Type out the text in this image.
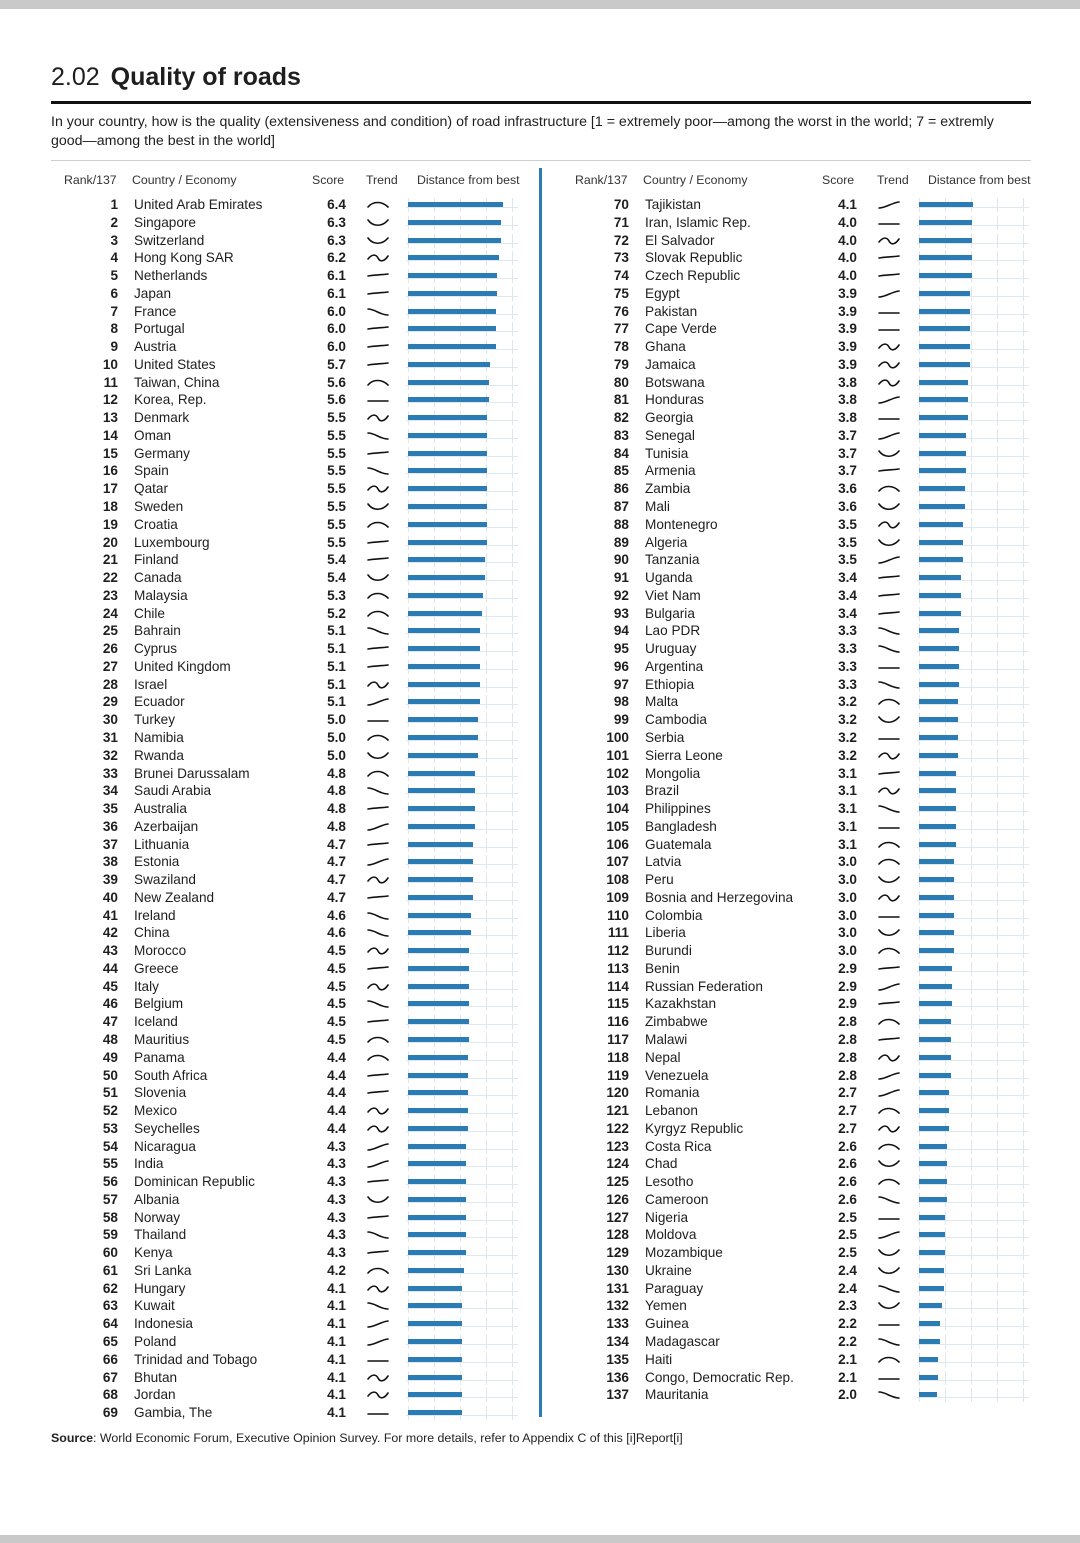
2.02 Quality of roads
In your country, how is the quality (extensiveness and condition) of road infrastructure [1 = extremely poor—among the worst in the world; 7 = extremly good—among the best in the world]
Rank/137 Country / Economy	Score Trend Distance from best	Rank/137 Country / Economy	Score Trend Distance from best
1 United Arab Emirates	6.4
2 Singapore	6.3
3 Switzerland	6.3
4 Hong Kong SAR	6.2
5 Netherlands	6.1
6 Japan	6.1
7 France	6.0
8 Portugal	6.0
9 Austria	6.0
10 United States	5.7
11 Taiwan, China	5.6
12 Korea, Rep.	5.6
13 Denmark	5.5
14 Oman	5.5
15 Germany	5.5
16 Spain	5.5
17 Qatar	5.5
18 Sweden	5.5
19 Croatia	5.5
20 Luxembourg	5.5
21 Finland	5.4
22 Canada	5.4
23 Malaysia	5.3
24 Chile	5.2
25 Bahrain	5.1
26 Cyprus	5.1
27 United Kingdom	5.1
28 Israel	5.1
29 Ecuador	5.1
30 Turkey	5.0
31 Namibia	5.0
32 Rwanda	5.0
33 Brunei Darussalam	4.8
34 Saudi Arabia	4.8
35 Australia	4.8
36 Azerbaijan	4.8
37 Lithuania	4.7
38 Estonia	4.7
39 Swaziland	4.7
40 New Zealand	4.7
41 Ireland	4.6
42 China	4.6
43 Morocco	4.5
44 Greece	4.5
45 Italy	4.5
46 Belgium	4.5
47 Iceland	4.5
48 Mauritius	4.5
49 Panama	4.4
50 South Africa	4.4
51 Slovenia	4.4
52 Mexico	4.4
53 Seychelles	4.4
54 Nicaragua	4.3
55 India	4.3
56 Dominican Republic	4.3
57 Albania	4.3
58 Norway	4.3
59 Thailand	4.3
60 Kenya	4.3
61 Sri Lanka	4.2
62 Hungary	4.1
63 Kuwait	4.1
64 Indonesia	4.1
65 Poland	4.1
66 Trinidad and Tobago	4.1
67 Bhutan	4.1
68 Jordan	4.1
69 Gambia, The	4.1
70 Tajikistan	4.1
71 Iran, Islamic Rep.	4.0
72 El Salvador	4.0
73 Slovak Republic	4.0
74 Czech Republic	4.0
75 Egypt	3.9
76 Pakistan	3.9
77 Cape Verde	3.9
78 Ghana	3.9
79 Jamaica	3.9
80 Botswana	3.8
81 Honduras	3.8
82 Georgia	3.8
83 Senegal	3.7
84 Tunisia	3.7
85 Armenia	3.7
86 Zambia	3.6
87 Mali	3.6
88 Montenegro	3.5
89 Algeria	3.5
90 Tanzania	3.5
91 Uganda	3.4
92 Viet Nam	3.4
93 Bulgaria	3.4
94 Lao PDR	3.3
95 Uruguay	3.3
96 Argentina	3.3
97 Ethiopia	3.3
98 Malta	3.2
99 Cambodia	3.2
100 Serbia	3.2
101 Sierra Leone	3.2
102 Mongolia	3.1
103 Brazil	3.1
104 Philippines	3.1
105 Bangladesh	3.1
106 Guatemala	3.1
107 Latvia	3.0
108 Peru	3.0
109 Bosnia and Herzegovina	3.0
110 Colombia	3.0
111 Liberia	3.0
112 Burundi	3.0
113 Benin	2.9
114 Russian Federation	2.9
115 Kazakhstan	2.9
116 Zimbabwe	2.8
117 Malawi	2.8
118 Nepal	2.8
119 Venezuela	2.8
120 Romania	2.7
121 Lebanon	2.7
122 Kyrgyz Republic	2.7
123 Costa Rica	2.6
124 Chad	2.6
125 Lesotho	2.6
126 Cameroon	2.6
127 Nigeria	2.5
128 Moldova	2.5
129 Mozambique	2.5
130 Ukraine	2.4
131 Paraguay	2.4
132 Yemen	2.3
133 Guinea	2.2
134 Madagascar	2.2
135 Haiti	2.1
136 Congo, Democratic Rep.	2.1
137 Mauritania	2.0
Source: World Economic Forum, Executive Opinion Survey. For more details, refer to Appendix C of this [i]Report[i]
